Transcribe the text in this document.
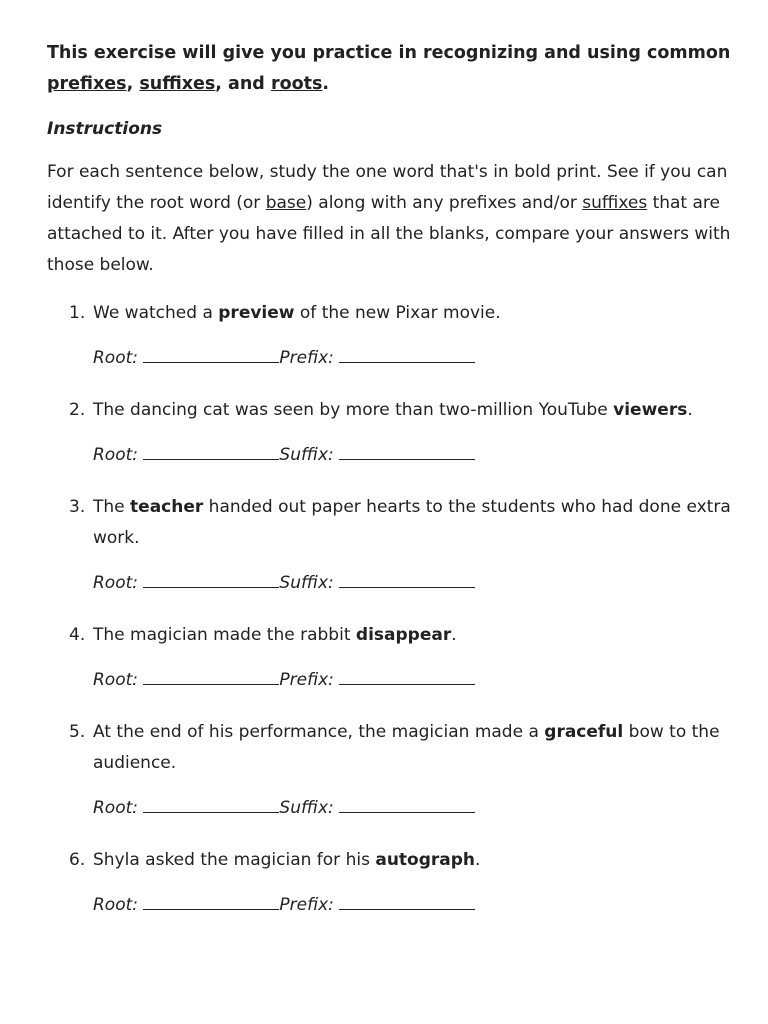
This exercise will give you practice in recognizing and using common prefixes, suffixes, and roots.

Instructions

For each sentence below, study the one word that's in bold print. See if you can identify the root word (or base) along with any prefixes and/or suffixes that are attached to it. After you have filled in all the blanks, compare your answers with those below.

1. We watched a preview of the new Pixar movie.

Root:	Prefix:

2. The dancing cat was seen by more than two-million YouTube viewers.

Root:	Suffix:

3. The teacher handed out paper hearts to the students who had done extra work.

Root:	Suffix:

4. The magician made the rabbit disappear.

Root:	Prefix:

5. At the end of his performance, the magician made a graceful bow to the audience.

Root:	Suffix:

6. Shyla asked the magician for his autograph.

Root:	Prefix:
